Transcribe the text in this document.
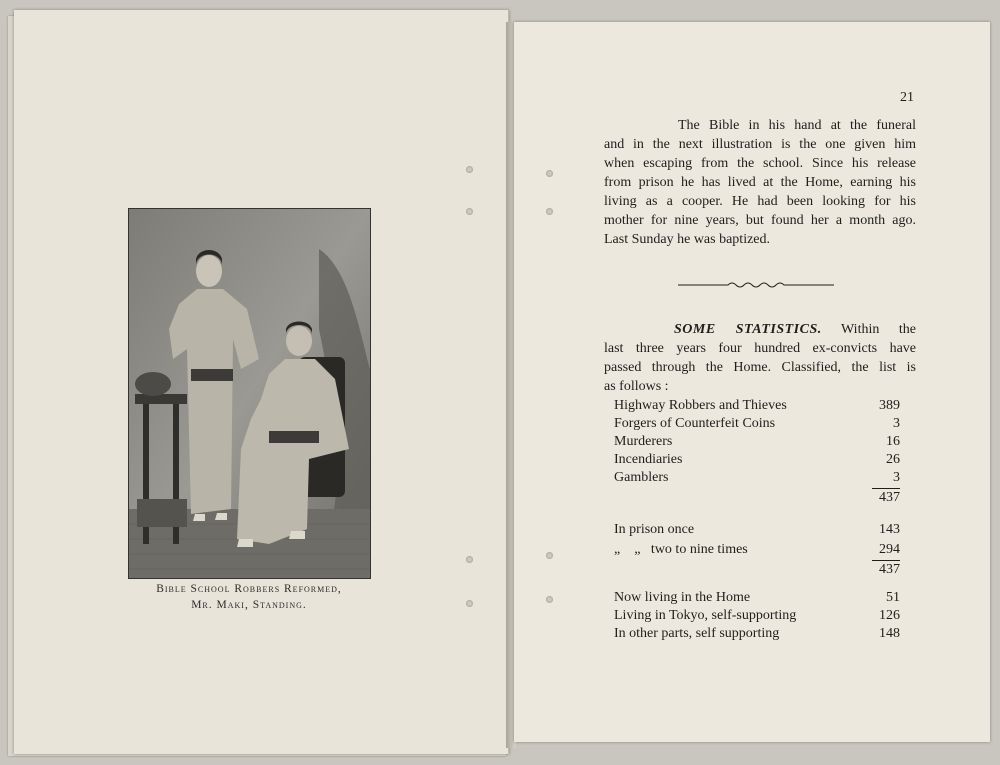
Bible School Robbers Reformed,
Mr. Maki, Standing.
21
The Bible in his hand at the funeral
and in the next illustration is the one given him
when escaping from the school. Since his release
from prison he has lived at the Home, earning his
living as a cooper. He had been looking for his
mother for nine years, but found her a month ago.
Last Sunday he was baptized.
SOME STATISTICS. Within the
last three years four hundred ex-convicts have
passed through the Home. Classified, the list is
as follows :
Highway Robbers and Thieves	389
Forgers of Counterfeit Coins	3
Murderers	16
Incendiaries	26
Gamblers	3
437
In prison once	143
„    „   two to nine times	294
437
Now living in the Home	51
Living in Tokyo, self-supporting	126
In other parts, self supporting	148
